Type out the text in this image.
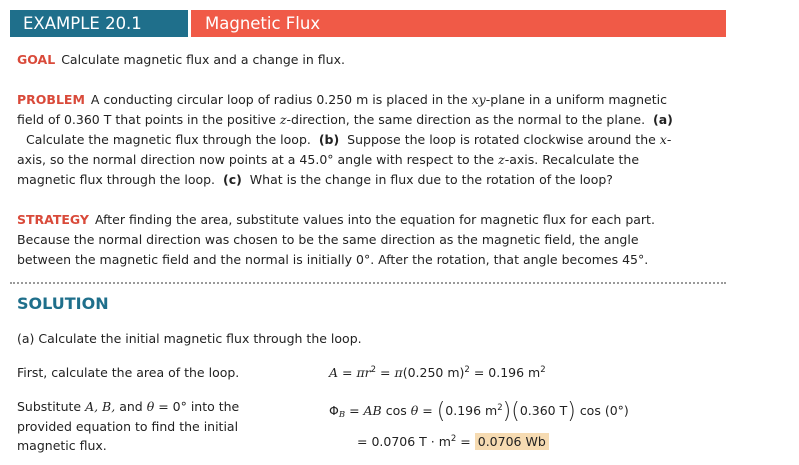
EXAMPLE 20.1	Magnetic Flux
GOAL Calculate magnetic flux and a change in flux.
PROBLEM A conducting circular loop of radius 0.250 m is placed in the xy-plane in a uniform magnetic
field of 0.360 T that points in the positive z-direction, the same direction as the normal to the plane. (a)
Calculate the magnetic flux through the loop. (b) Suppose the loop is rotated clockwise around the x-
axis, so the normal direction now points at a 45.0° angle with respect to the z-axis. Recalculate the
magnetic flux through the loop. (c) What is the change in flux due to the rotation of the loop?
STRATEGY After finding the area, substitute values into the equation for magnetic flux for each part.
Because the normal direction was chosen to be the same direction as the magnetic field, the angle
between the magnetic field and the normal is initially 0°. After the rotation, that angle becomes 45°.
SOLUTION
(a) Calculate the initial magnetic flux through the loop.
First, calculate the area of the loop.	$A = \pi r^2 = \pi(0.250$ m)$^2$ = 0.196 $m^2$
Substitute A, B, and θ = 0° into the
provided equation to find the initial
magnetic flux.
$\Phi_B$ = AB cos θ = (0.196 $m^2)(0.360$ T) cos (0°)
= 0.0706 $T \cdot m^2 = 0.0706$ Wb
